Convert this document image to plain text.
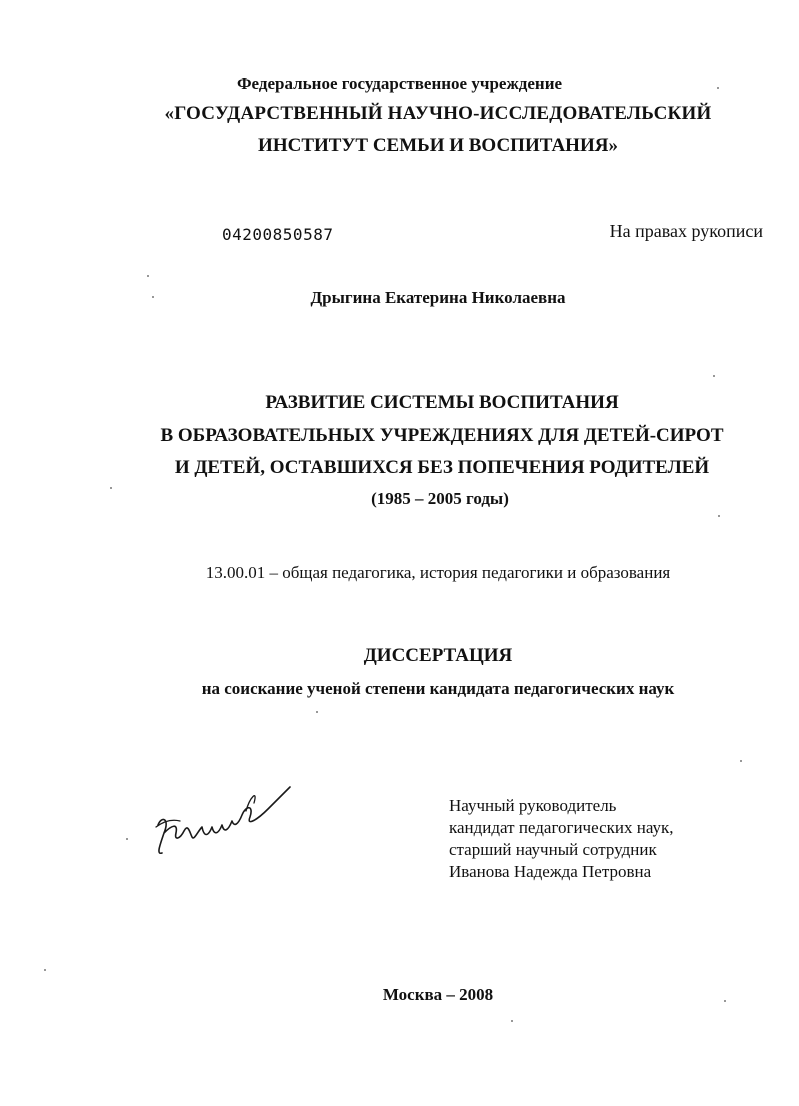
Федеральное государственное учреждение
«ГОСУДАРСТВЕННЫЙ НАУЧНО-ИССЛЕДОВАТЕЛЬСКИЙ
ИНСТИТУТ СЕМЬИ И ВОСПИТАНИЯ»
04200850587	На правах рукописи
Дрыгина Екатерина Николаевна
РАЗВИТИЕ СИСТЕМЫ ВОСПИТАНИЯ
В ОБРАЗОВАТЕЛЬНЫХ УЧРЕЖДЕНИЯХ ДЛЯ ДЕТЕЙ-СИРОТ
И ДЕТЕЙ, ОСТАВШИХСЯ БЕЗ ПОПЕЧЕНИЯ РОДИТЕЛЕЙ
(1985 – 2005 годы)
13.00.01 – общая педагогика, история педагогики и образования
ДИССЕРТАЦИЯ
на соискание ученой степени кандидата педагогических наук
Научный руководитель
кандидат педагогических наук,
старший научный сотрудник
Иванова Надежда Петровна
Москва – 2008
